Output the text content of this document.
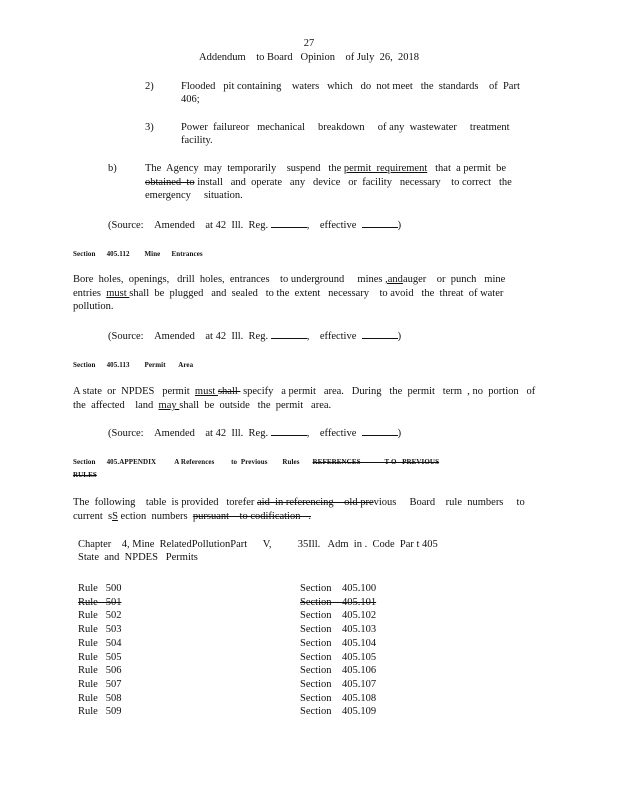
27
Addendum    to Board   Opinion    of July  26,  2018
2)	Flooded   pit containing    waters   which   do  not meet   the  standards    of  Part
406;
3)	Power  failureor   mechanical     breakdown     of any  wastewater     treatment
facility.
b)	The  Agency  may  temporarily    suspend   the permit  requirement   that  a permit  be
obtained  to install   and  operate   any   device   or  facility   necessary    to correct   the
emergency     situation.
(Source: Amended    at 42  Ill.  Reg.	, effective	)
Section      405.112        Mine      Entrances
Bore  holes,  openings,   drill  holes,  entrances    to underground     mines ,andauger    or  punch   mine
entries  must shall  be  plugged   and  sealed   to the  extent   necessary    to avoid   the  threat  of water
pollution.
(Source: Amended    at 42  Ill.  Reg.	, effective	)
Section      405.113        Permit       Area
A state  or  NPDES   permit  must shall  specify   a permit   area.   During   the  permit   term  , no  portion   of
the  affected    land  may shall  be  outside   the  permit   area.
(Source: Amended    at 42  Ill.  Reg.	, effective	)
Section      405.APPENDIX          A References         to  Previous        Rules       REFERENCES             T O   PREVIOUS
RULES
The  following    table  is provided   torefer aid  in referencing    old previous     Board    rule  numbers     to
current  sS ection  numbers  pursuant    to codification   .
Chapter    4, Mine  RelatedPollutionPart      V,          35Ill.   Adm  in .  Code  Par t 405
State  and  NPDES   Permits
Rule   500	Section    405.100
Rule   501	Section    405.101
Rule   502	Section    405.102
Rule   503	Section    405.103
Rule   504	Section    405.104
Rule   505	Section    405.105
Rule   506	Section    405.106
Rule   507	Section    405.107
Rule   508	Section    405.108
Rule   509	Section    405.109
